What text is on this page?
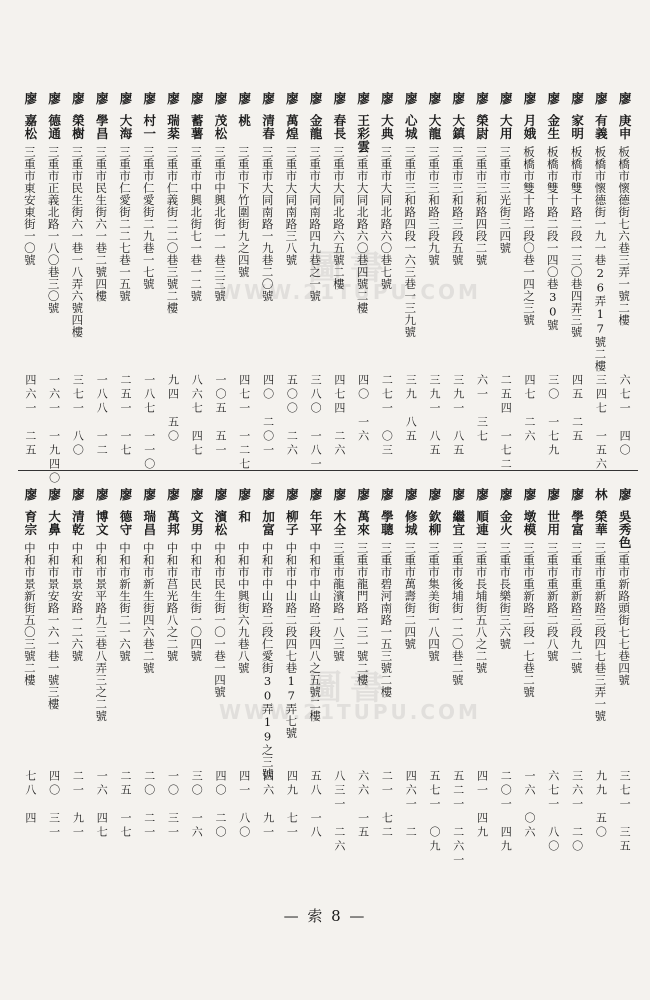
圖書
WWW.21TUPU.COM
圖書
WWW.21TUPU.COM
廖
庚申
板橋市懷德街七六巷三弄一號二樓
六七一　四〇
廖
有義
板橋市懷德街一九一巷26弄17號二樓
三四七　一五六
廖
家明
板橋市雙十路二段一三〇巷四弄三號
四五　二五
廖
金生
板橋市雙十路二段一四〇巷30號
三〇　一七九
廖
月娥
板橋市雙十路二段〇巷一四之三號
四七　二六
廖
大用
三重市三光街三四號
二五四　一七二
廖
榮尉
三重市三和路四段二號
六一　三七
廖
大鎮
三重市三和路三段五號
三九一　八五
廖
大龍
三重市三和路三段九號
三九一　八五
廖
心城
三重市三和路四段一六三巷一三九號
三九　八五
廖
大典
三重市大同北路六〇巷七號
二七一　〇三
廖
王彩雲
三重市大同北路六〇巷四號二樓
四〇　一六
廖
春長
三重市大同北路六五號二樓
四七四　二六
廖
金龍
三重市大同南路四九巷之一號
三八〇　一八一
廖
萬煌
三重市大同南路三八號
五〇〇　二六
廖
清春
三重市大同南路一九巷二〇號
四〇　二〇一
廖
桃
三重市下竹圍街九之四號
四七一　一二七
廖
茂松
三重市中興北街一一巷三三號
一〇五　五一
廖
蓄薯
三重市中興北街七一巷一二號
八六七　四七
廖
瑞棻
三重市仁義街二二〇巷三號二樓
九四　五〇
廖
村一
三重市仁愛街二九巷一七號
一八七　一一〇
廖
大海
三重市仁愛街二二七巷一五號
二五一　一七
廖
學昌
三重市民生街六一巷二號四樓
一八八　一二
廖
榮樹
三重市民生街六一巷一八弄六號四樓
三七一　八〇
廖
德通
三重市正義北路一八〇巷三〇號
一六一　一九四〇
廖
嘉松
三重市東安東街一〇號
四六一　二五
廖
吳秀色
三重市新路頭街七七巷四號
三七一　三五
林
榮華
三重市重新路三段四七巷三弄一號
九九　五〇
廖
學富
三重市重新路三段九二號
三六一　二〇
廖
世用
三重市重新路二段八號
六七一　八〇
廖
墩模
三重市重新路二段一七巷二號
一六　〇六
廖
金火
三重市長樂街三六號
二〇一　四九
廖
順連
三重市長埔街五八之二號
四一　四九
廖
繼宜
三重市後埔街一二〇巷二號
五二一　二六一
廖
欽柳
三重市集美街一八四號
五七一　〇九
廖
修城
三重市萬壽街二四號
四六一　二
廖
學聰
三重市碧河南路一五三號二樓
二一　七二
廖
萬來
三重市龍門路一三一號二樓
六六　一五
廖
木全
三重市龍濱路一八三號
八三一　二六
廖
年平
中和市中山路二段四八之五號二樓
五八　一八
廖
柳子
中和市中山路二段四七巷17弄七號
四九　七一
廖
加富
中和市中山路二段仁愛街30弄19之三號
四六　九一
廖
和
中和市中興街六九巷八號
四一　八〇
廖
濱松
中和市民生街一〇一巷一四號
四〇　二〇
廖
文男
中和市民生街一〇四號
三〇　一六
廖
萬邦
中和市莒光路八之二號
一〇　三一
廖
瑞昌
中和市新生街四六巷二號
二〇　二一
廖
德守
中和市新生街二一六號
二五　一七
廖
博文
中和市景平路九三巷八弄三之二號
一六　四七
廖
清乾
中和市景安路一二六號
二一　九一
廖
大鼻
中和市景安路一六一巷一號三樓
四〇　三一
廖
育宗
中和市景新街五〇三號二樓
七八　四
— 索 8 —
